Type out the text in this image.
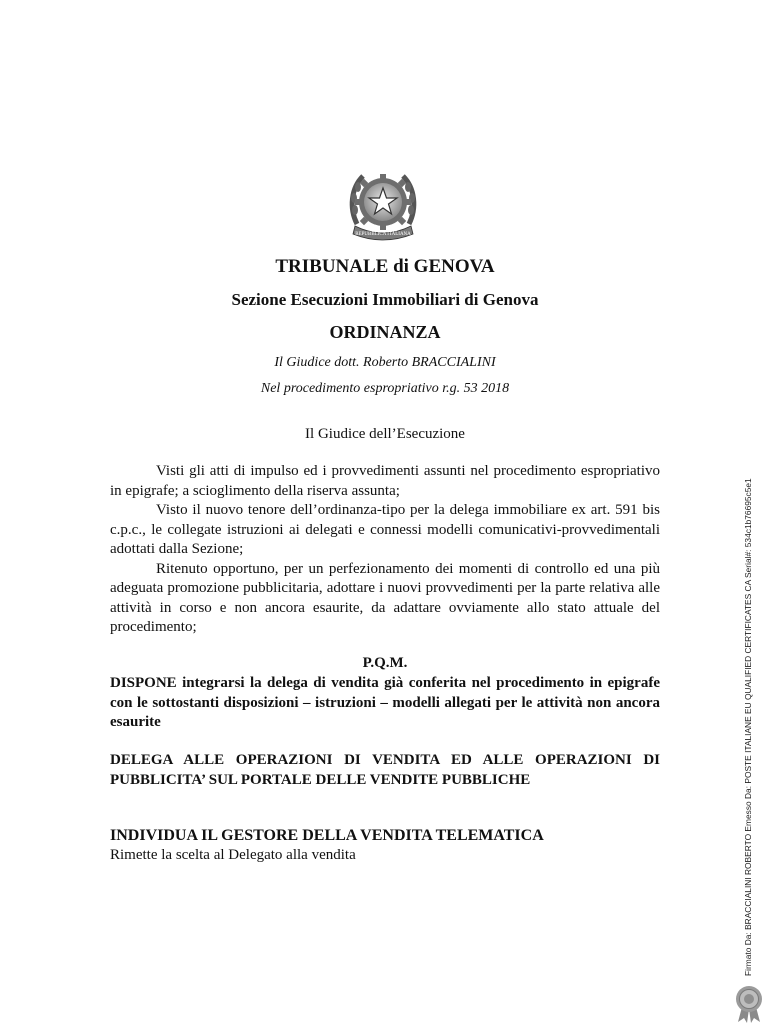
REPUBBLICA ITALIANA
TRIBUNALE di GENOVA
Sezione Esecuzioni Immobiliari di Genova
ORDINANZA
Il Giudice dott. Roberto BRACCIALINI
Nel procedimento espropriativo r.g. 53 2018
Il Giudice dell’Esecuzione

Visti gli atti di impulso ed i provvedimenti assunti nel procedimento espropriativo in epigrafe; a scioglimento della riserva assunta;

Visto il nuovo tenore dell’ordinanza-tipo per la delega immobiliare ex art. 591 bis c.p.c., le collegate istruzioni ai delegati e connessi modelli comunicativi-provvedimentali adottati dalla Sezione;

Ritenuto opportuno, per un perfezionamento dei momenti di controllo ed una più adeguata promozione pubblicitaria, adottare i nuovi provvedimenti per la parte relativa alle attività in corso e non ancora esaurite, da adattare ovviamente allo stato attuale del procedimento;

P.Q.M.
DISPONE integrarsi la delega di vendita già conferita nel procedimento in epigrafe con le sottostanti disposizioni – istruzioni – modelli allegati per le attività non ancora esaurite
DELEGA ALLE OPERAZIONI DI VENDITA ED ALLE OPERAZIONI DI PUBBLICITA’ SUL PORTALE DELLE VENDITE PUBBLICHE
INDIVIDUA IL GESTORE DELLA VENDITA TELEMATICA
Rimette la scelta al Delegato alla vendita	Firmato Da: BRACCIALINI ROBERTO Emesso Da: POSTE ITALIANE EU QUALIFIED CERTIFICATES CA Serial#: 534c1b76695c5e1
